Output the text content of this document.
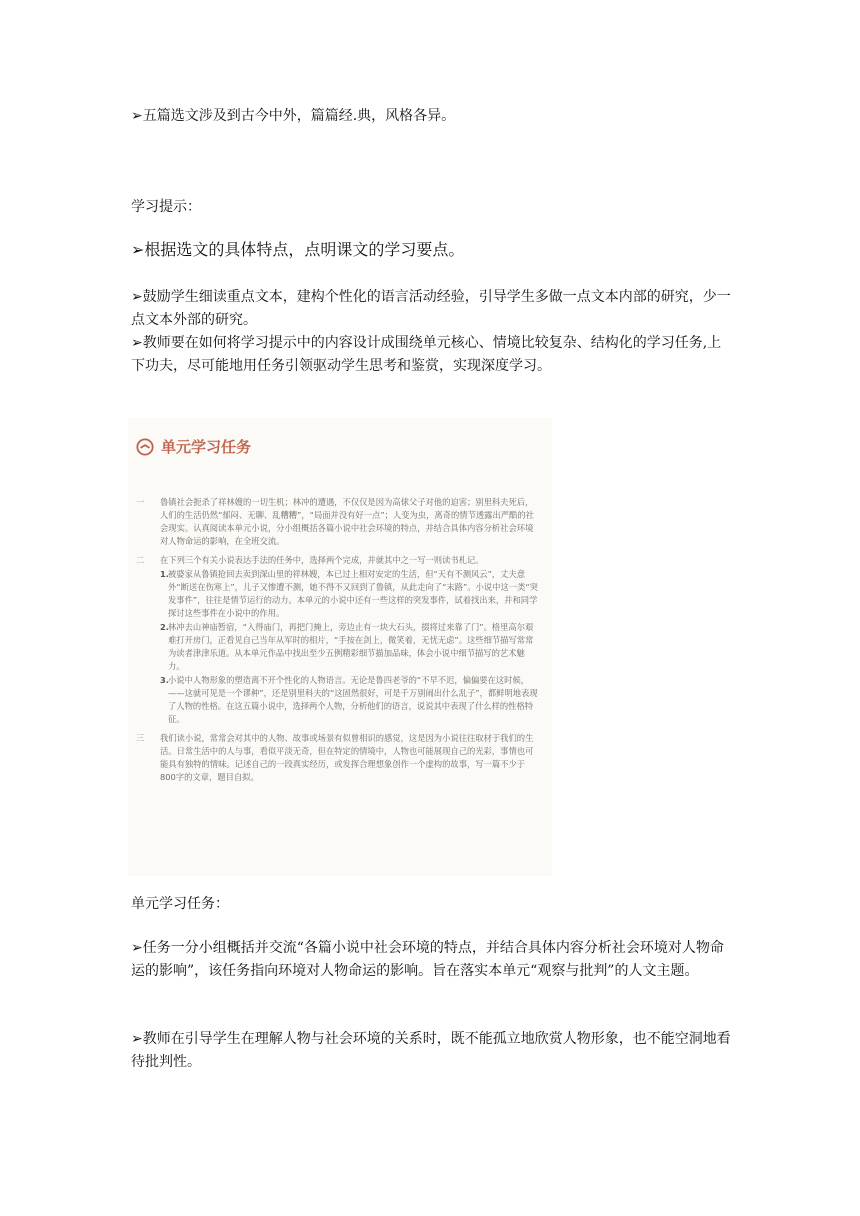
➢五篇选文涉及到古今中外，篇篇经.典，风格各异。

学习提示：

➢根据选文的具体特点，点明课文的学习要点。

➢鼓励学生细读重点文本，建构个性化的语言活动经验，引导学生多做一点文本内部的研究，少一点文本外部的研究。

➢教师要在如何将学习提示中的内容设计成围绕单元核心、情境比较复杂、结构化的学习任务,上下功夫，尽可能地用任务引领驱动学生思考和鉴赏，实现深度学习。

单元学习任务
一	鲁镇社会扼杀了祥林嫂的一切生机；林冲的遭遇，不仅仅是因为高俅父子对他的迫害；别里科夫死后，人们的生活仍然“郁闷、无聊、乱糟糟”，“局面并没有好一点”；人变为虫，离奇的情节透露出严酷的社会现实。认真阅读本单元小说，分小组概括各篇小说中社会环境的特点，并结合具体内容分析社会环境对人物命运的影响，在全班交流。
二	在下列三个有关小说表达手法的任务中，选择两个完成，并就其中之一写一则读书札记。
1. 被婆家从鲁镇抢回去卖到深山里的祥林嫂，本已过上相对安定的生活，但“天有不测风云”，丈夫意外“断送在伤寒上”，儿子又惨遭不测，她不得不又回到了鲁镇，从此走向了“末路”。小说中这一类“突发事件”，往往是情节运行的动力。本单元的小说中还有一些这样的突发事件，试着找出来，并和同学探讨这些事件在小说中的作用。
2. 林冲去山神庙暂宿，“入得庙门，再把门掩上，旁边止有一块大石头，掇将过来靠了门”。格里高尔艰难打开房门，正看见自己当年从军时的相片，“手按在剑上，微笑着，无忧无虑”。这些细节描写常常为读者津津乐道。从本单元作品中找出至少五例精彩细节描加品味，体会小说中细节描写的艺术魅力。
3. 小说中人物形象的塑造离不开个性化的人物语言。无论是鲁四老爷的“不早不迟，偏偏要在这时候，——这就可见是一个谬种”，还是别里科夫的“这固然很好，可是千万别闹出什么乱子”，都鲜明地表现了人物的性格。在这五篇小说中，选择两个人物，分析他们的语言，说说其中表现了什么样的性格特征。
三	我们读小说，常常会对其中的人物、故事或场景有似曾相识的感觉，这是因为小说往往取材于我们的生活。日常生活中的人与事，看似平淡无奇，但在特定的情境中，人物也可能展现自己的光彩，事情也可能具有独特的情味。记述自己的一段真实经历，或发挥合理想象创作一个虚构的故事，写一篇不少于800字的文章，题目自拟。

单元学习任务：

➢任务一分小组概括并交流“各篇小说中社会环境的特点，并结合具体内容分析社会环境对人物命运的影响”，该任务指向环境对人物命运的影响。旨在落实本单元“观察与批判”的人文主题。

➢教师在引导学生在理解人物与社会环境的关系时，既不能孤立地欣赏人物形象，也不能空洞地看待批判性。
